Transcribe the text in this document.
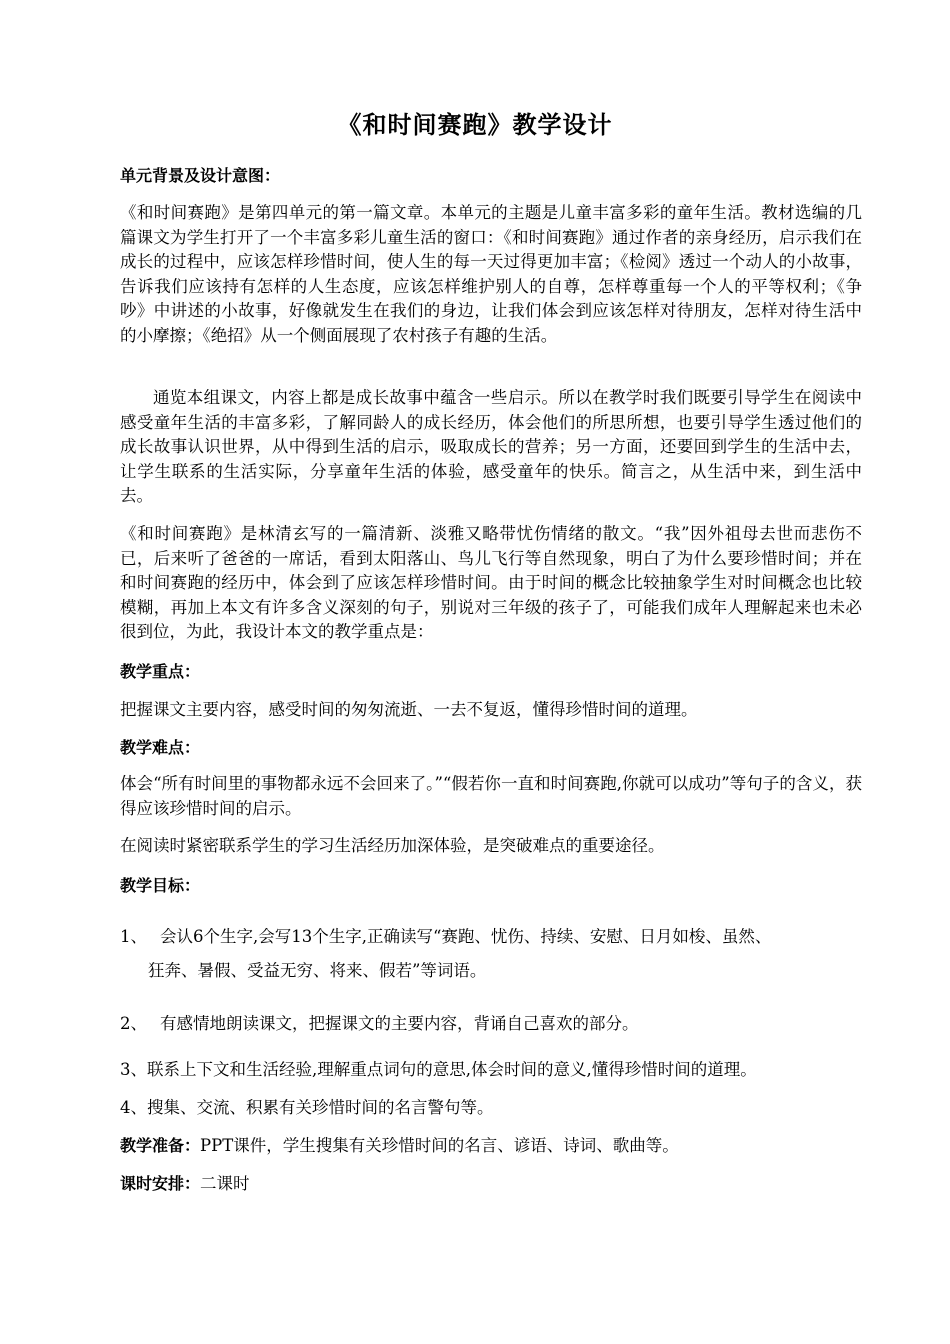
《和时间赛跑》教学设计
单元背景及设计意图：

《和时间赛跑》是第四单元的第一篇文章。本单元的主题是儿童丰富多彩的童年生活。教材选编的几篇课文为学生打开了一个丰富多彩儿童生活的窗口：《和时间赛跑》通过作者的亲身经历，启示我们在成长的过程中，应该怎样珍惜时间，使人生的每一天过得更加丰富；《检阅》透过一个动人的小故事，告诉我们应该持有怎样的人生态度，应该怎样维护别人的自尊，怎样尊重每一个人的平等权利；《争吵》中讲述的小故事，好像就发生在我们的身边，让我们体会到应该怎样对待朋友，怎样对待生活中的小摩擦；《绝招》从一个侧面展现了农村孩子有趣的生活。

通览本组课文，内容上都是成长故事中蕴含一些启示。所以在教学时我们既要引导学生在阅读中感受童年生活的丰富多彩，了解同龄人的成长经历，体会他们的所思所想，也要引导学生透过他们的成长故事认识世界，从中得到生活的启示，吸取成长的营养；另一方面，还要回到学生的生活中去，让学生联系的生活实际，分享童年生活的体验，感受童年的快乐。简言之，从生活中来，到生活中去。

《和时间赛跑》是林清玄写的一篇清新、淡雅又略带忧伤情绪的散文。“我”因外祖母去世而悲伤不已，后来听了爸爸的一席话，看到太阳落山、鸟儿飞行等自然现象，明白了为什么要珍惜时间；并在和时间赛跑的经历中，体会到了应该怎样珍惜时间。由于时间的概念比较抽象学生对时间概念也比较模糊，再加上本文有许多含义深刻的句子，别说对三年级的孩子了，可能我们成年人理解起来也未必很到位，为此，我设计本文的教学重点是：

教学重点：

把握课文主要内容，感受时间的匆匆流逝、一去不复返，懂得珍惜时间的道理。

教学难点：

体会“所有时间里的事物都永远不会回来了。”“假若你一直和时间赛跑,你就可以成功”等句子的含义，获得应该珍惜时间的启示。

在阅读时紧密联系学生的学习生活经历加深体验，是突破难点的重要途径。

教学目标：
1、 会认6个生字,会写13个生字,正确读写“赛跑、忧伤、持续、安慰、日月如梭、虽然、
狂奔、暑假、受益无穷、将来、假若”等词语。
2、 有感情地朗读课文，把握课文的主要内容，背诵自己喜欢的部分。
3、联系上下文和生活经验,理解重点词句的意思,体会时间的意义,懂得珍惜时间的道理。
4、搜集、交流、积累有关珍惜时间的名言警句等。
教学准备：PPT课件，学生搜集有关珍惜时间的名言、谚语、诗词、歌曲等。
课时安排：二课时
